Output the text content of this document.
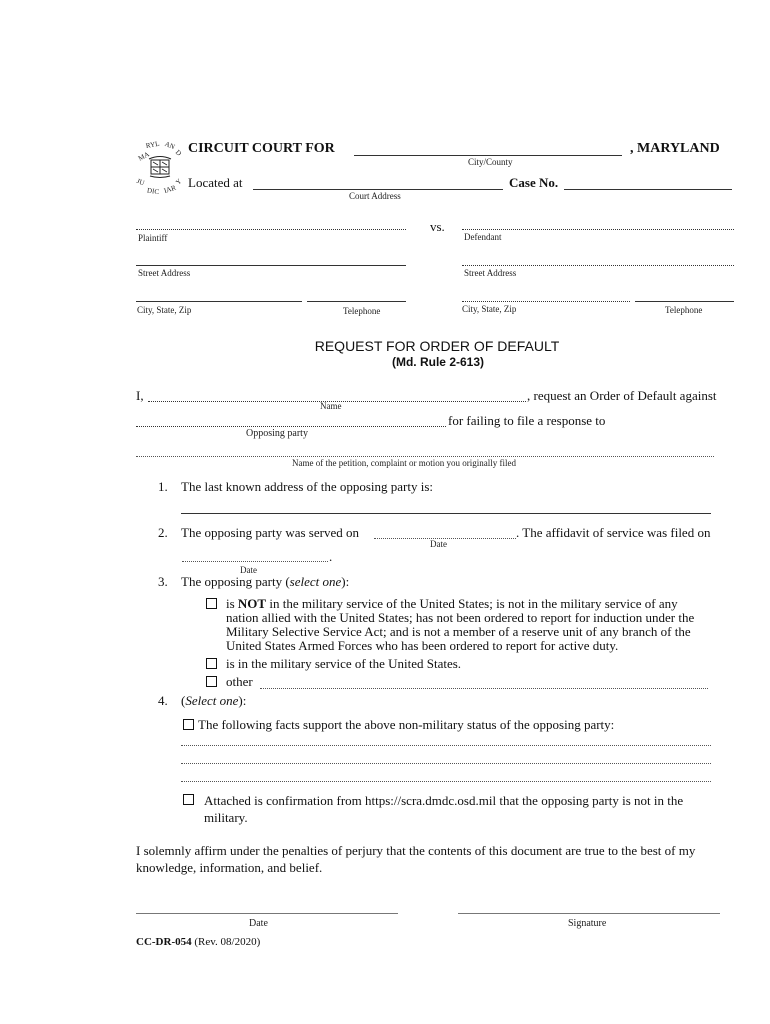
MA
RYL AN
D
JU
DIC IAR
Y
CIRCUIT COURT FOR
City/County
, MARYLAND
Located at
Court Address
Case No.
Plaintiff
vs.
Defendant
Street Address	Street Address
City, State, Zip	Telephone	City, State, Zip	Telephone
REQUEST FOR ORDER OF DEFAULT
(Md. Rule 2-613)
I,
Name
, request an Order of Default against
Opposing party
for failing to file a response to
Name of the petition, complaint or motion you originally filed
1. The last known address of the opposing party is:
2. The opposing party was served on
Date
. The affidavit of service was filed on
.
Date
3. The opposing party (select one):
is NOT in the military service of the United States; is not in the military service of any
nation allied with the United States; has not been ordered to report for induction under the
Military Selective Service Act; and is not a member of a reserve unit of any branch of the
United States Armed Forces who has been ordered to report for active duty.
is in the military service of the United States.
other
4. (Select one):
The following facts support the above non-military status of the opposing party:
Attached is confirmation from https://scra.dmdc.osd.mil that the opposing party is not in the
military.
I solemnly affirm under the penalties of perjury that the contents of this document are true to the best of my
knowledge, information, and belief.
Date	Signature
CC-DR-054 (Rev. 08/2020)
